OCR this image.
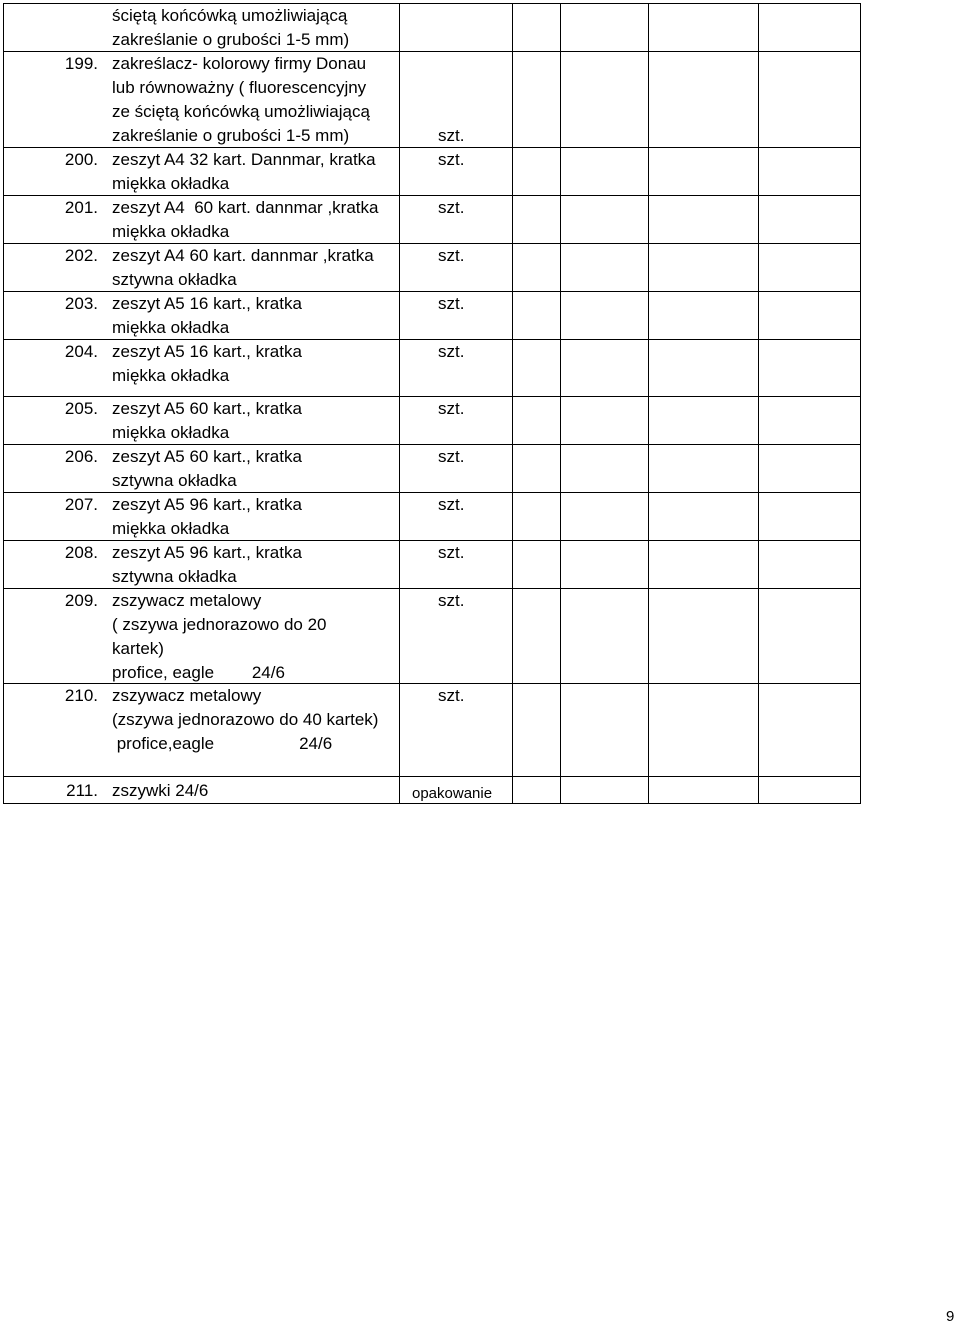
ściętą końcówką umożliwiającą
zakreślanie o grubości 1-5 mm)
199. zakreślacz- kolorowy firmy Donau
lub równoważny ( fluorescencyjny
ze ściętą końcówką umożliwiającą
zakreślanie o grubości 1-5 mm)	szt.
200. zeszyt A4 32 kart. Dannmar, kratka
miękka okładka
szt.
201. zeszyt A4  60 kart. dannmar ,kratka
miękka okładka
szt.
202. zeszyt A4 60 kart. dannmar ,kratka
sztywna okładka
szt.
203. zeszyt A5 16 kart., kratka
miękka okładka
szt.
204. zeszyt A5 16 kart., kratka
miękka okładka
szt.
205. zeszyt A5 60 kart., kratka
miękka okładka
szt.
206. zeszyt A5 60 kart., kratka
sztywna okładka
szt.
207. zeszyt A5 96 kart., kratka
miękka okładka
szt.
208. zeszyt A5 96 kart., kratka
sztywna okładka
szt.
209. zszywacz metalowy
( zszywa jednorazowo do 20
kartek)
profice, eagle        24/6
szt.
210. zszywacz metalowy
(zszywa jednorazowo do 40 kartek)
profice,eagle                  24/6
szt.
211. zszywki 24/6	opakowanie
9
